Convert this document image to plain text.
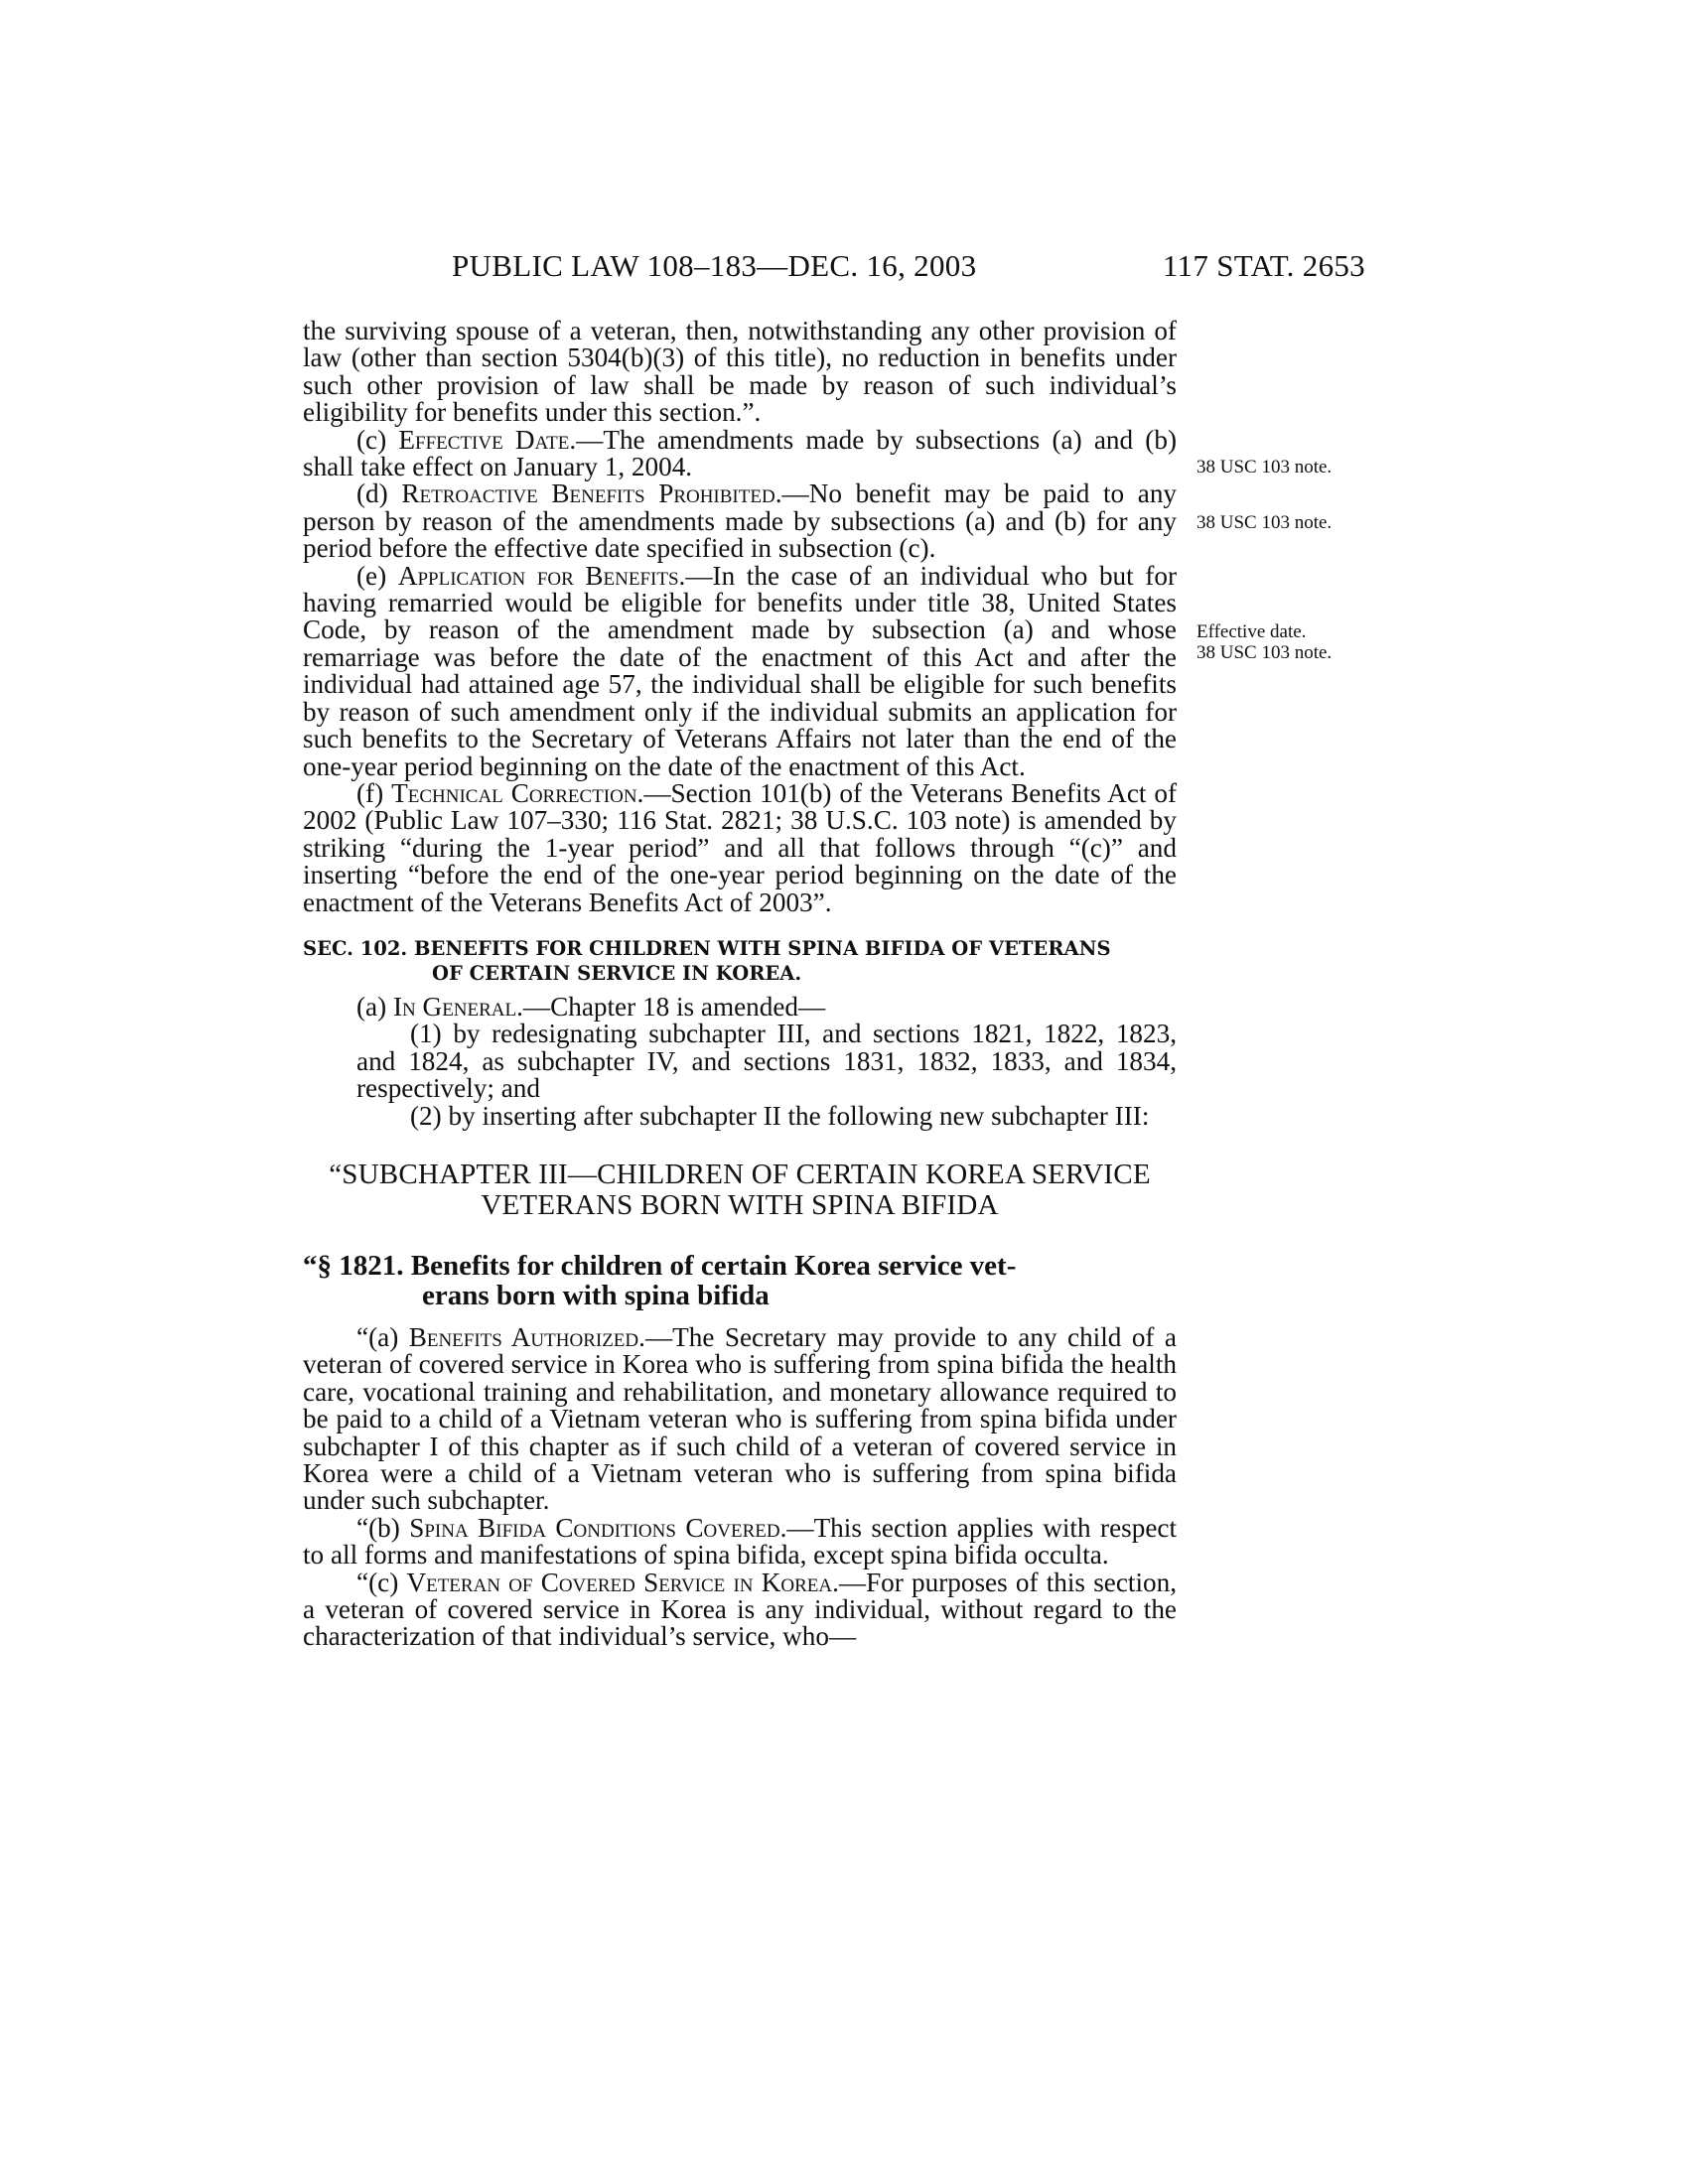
PUBLIC LAW 108–183—DEC. 16, 2003	117 STAT. 2653
38 USC 103 note.
38 USC 103 note.
Effective date.
38 USC 103 note.

the surviving spouse of a veteran, then, notwithstanding any other provision of law (other than section 5304(b)(3) of this title), no reduction in benefits under such other provision of law shall be made by reason of such individual’s eligibility for benefits under this section.”.

(c) Effective Date.—The amendments made by subsections (a) and (b) shall take effect on January 1, 2004.

(d) Retroactive Benefits Prohibited.—No benefit may be paid to any person by reason of the amendments made by subsections (a) and (b) for any period before the effective date specified in subsection (c).

(e) Application for Benefits.—In the case of an individual who but for having remarried would be eligible for benefits under title 38, United States Code, by reason of the amendment made by subsection (a) and whose remarriage was before the date of the enactment of this Act and after the individual had attained age 57, the individual shall be eligible for such benefits by reason of such amendment only if the individual submits an application for such benefits to the Secretary of Veterans Affairs not later than the end of the one-year period beginning on the date of the enactment of this Act.

(f) Technical Correction.—Section 101(b) of the Veterans Benefits Act of 2002 (Public Law 107–330; 116 Stat. 2821; 38 U.S.C. 103 note) is amended by striking “during the 1-year period” and all that follows through “(c)” and inserting “before the end of the one-year period beginning on the date of the enactment of the Veterans Benefits Act of 2003”.

SEC. 102. BENEFITS FOR CHILDREN WITH SPINA BIFIDA OF VETERANS
OF CERTAIN SERVICE IN KOREA.

(a) In General.—Chapter 18 is amended—

(1) by redesignating subchapter III, and sections 1821, 1822, 1823, and 1824, as subchapter IV, and sections 1831, 1832, 1833, and 1834, respectively; and

(2) by inserting after subchapter II the following new subchapter III:

“SUBCHAPTER III—CHILDREN OF CERTAIN KOREA SERVICE
VETERANS BORN WITH SPINA BIFIDA

“§ 1821. Benefits for children of certain Korea service vet-
erans born with spina bifida

“(a) Benefits Authorized.—The Secretary may provide to any child of a veteran of covered service in Korea who is suffering from spina bifida the health care, vocational training and rehabilitation, and monetary allowance required to be paid to a child of a Vietnam veteran who is suffering from spina bifida under subchapter I of this chapter as if such child of a veteran of covered service in Korea were a child of a Vietnam veteran who is suffering from spina bifida under such subchapter.

“(b) Spina Bifida Conditions Covered.—This section applies with respect to all forms and manifestations of spina bifida, except spina bifida occulta.

“(c) Veteran of Covered Service in Korea.—For purposes of this section, a veteran of covered service in Korea is any individual, without regard to the characterization of that individual’s service, who—
